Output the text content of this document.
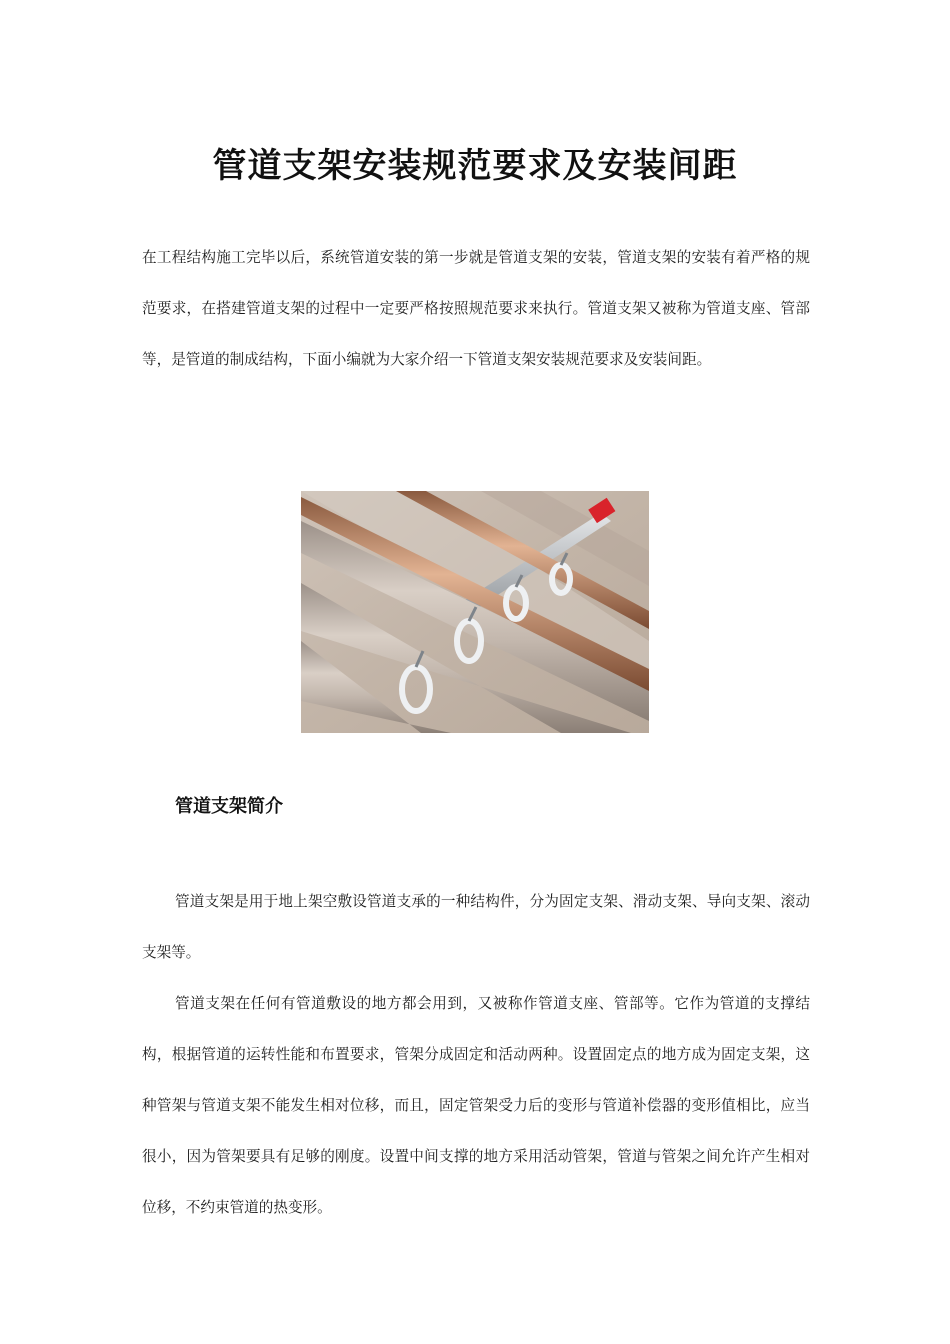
管道支架安装规范要求及安装间距

在工程结构施工完毕以后，系统管道安装的第一步就是管道支架的安装，管道支架的安装有着严格的规范要求，在搭建管道支架的过程中一定要严格按照规范要求来执行。管道支架又被称为管道支座、管部等，是管道的制成结构，下面小编就为大家介绍一下管道支架安装规范要求及安装间距。

管道支架简介

管道支架是用于地上架空敷设管道支承的一种结构件，分为固定支架、滑动支架、导向支架、滚动支架等。

管道支架在任何有管道敷设的地方都会用到，又被称作管道支座、管部等。它作为管道的支撑结构，根据管道的运转性能和布置要求，管架分成固定和活动两种。设置固定点的地方成为固定支架，这种管架与管道支架不能发生相对位移，而且，固定管架受力后的变形与管道补偿器的变形值相比，应当很小，因为管架要具有足够的刚度。设置中间支撑的地方采用活动管架，管道与管架之间允许产生相对位移，不约束管道的热变形。
